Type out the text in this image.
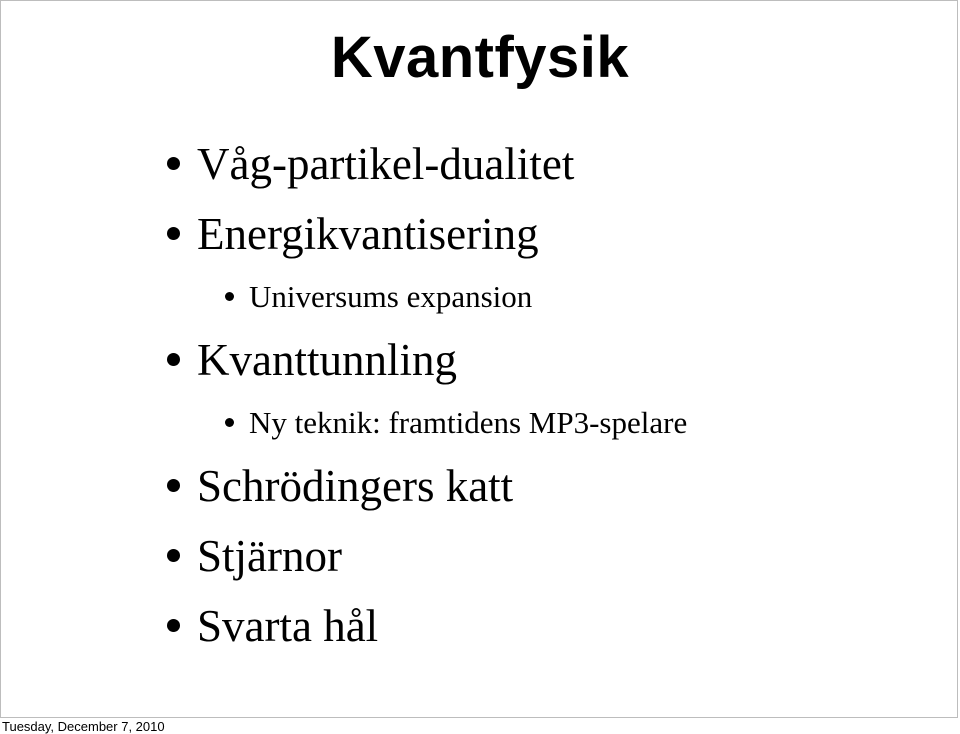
Kvantfysik
Våg-partikel-dualitet
Energikvantisering
Universums expansion
Kvanttunnling
Ny teknik: framtidens MP3-spelare
Schrödingers katt
Stjärnor
Svarta hål
Tuesday, December 7, 2010
